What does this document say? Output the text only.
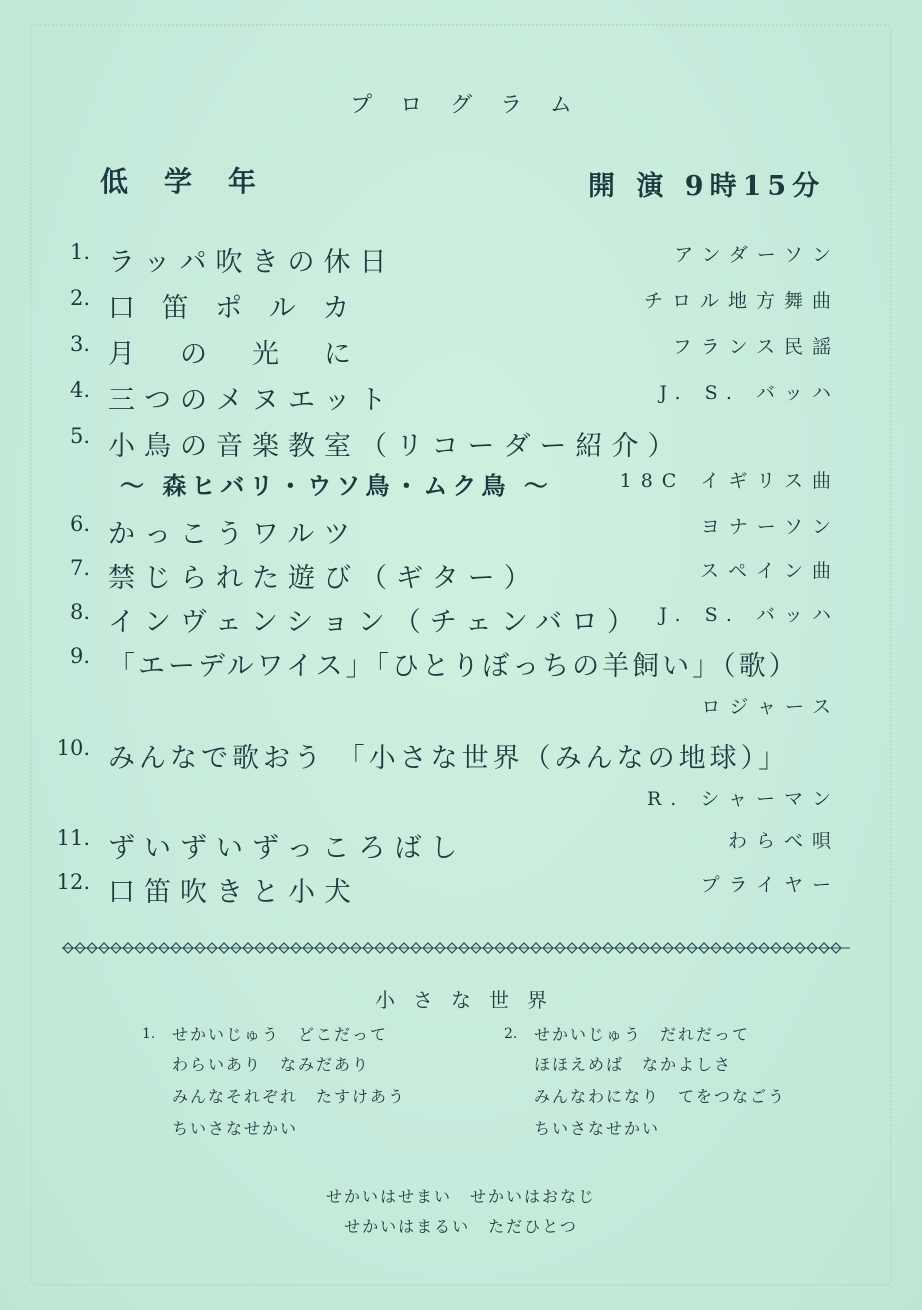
プログラム
低学年	開 演 9時15分
1. ラッパ吹きの休日	アンダーソン
2. 口 笛 ポ ル カ	チロル地方舞曲
3. 月　の　光　に	フランス民謡
4. 三つのメヌエット	J. S. バッハ
5. 小鳥の音楽教室（リコーダー紹介）
〜 森ヒバリ・ウソ鳥・ムク鳥 〜	18C イギリス曲
6. かっこうワルツ	ヨナーソン
7. 禁じられた遊び（ギター）	スペイン曲
8. インヴェンション（チェンバロ） J. S. バッハ
9. 「エーデルワイス」「ひとりぼっちの羊飼い」（歌）
ロジャース
10. みんなで歌おう 「小さな世界（みんなの地球）」
R. シャーマン
11. ずいずいずっころばし	わらべ唄
12. 口笛吹きと小犬	プライヤー
小さな世界
1. せかいじゅう　どこだって
わらいあり　なみだあり
みんなそれぞれ　たすけあう
ちいさなせかい
2. せかいじゅう　だれだって
ほほえめば　なかよしさ
みんなわになり　てをつなごう
ちいさなせかい
せかいはせまい　せかいはおなじ
せかいはまるい　ただひとつ
